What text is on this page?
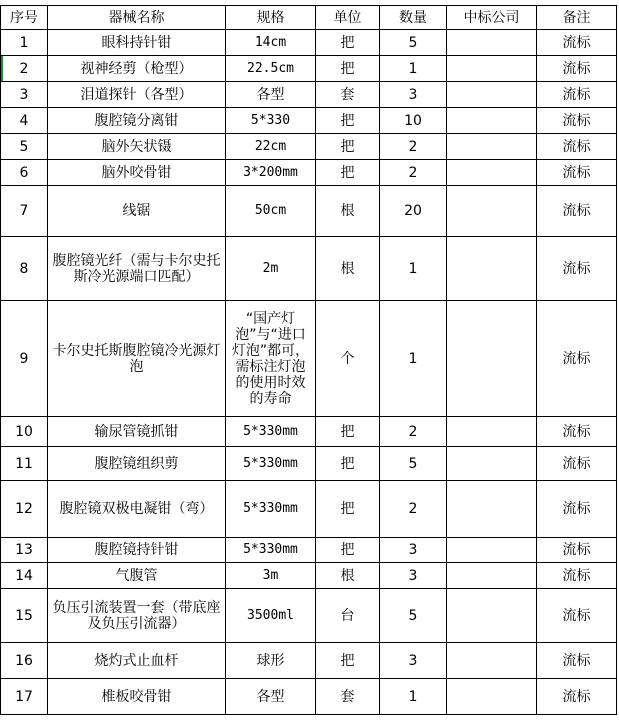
序号	器械名称	规格	单位	数量	中标公司	备注
1	眼科持针钳	14cm	把	5		流标

2	视神经剪（枪型）	22.5cm	把	1		流标
3	泪道探针（各型）	各型	套	3		流标
4	腹腔镜分离钳	5*330	把	10		流标
5	脑外矢状镊	22cm	把	2		流标
6	脑外咬骨钳	3*200mm	把	2		流标
7	线锯	50cm	根	20		流标
8	腹腔镜光纤（需与卡尔史托斯冷光源端口匹配）	2m	根	1		流标
9	卡尔史托斯腹腔镜冷光源灯泡	“国产灯泡”与“进口灯泡”都可，需标注灯泡的使用时效的寿命	个	1		流标
10	输尿管镜抓钳	5*330mm	把	2		流标
11	腹腔镜组织剪	5*330mm	把	5		流标
12	腹腔镜双极电凝钳（弯）	5*330mm	把	2		流标
13	腹腔镜持针钳	5*330mm	把	3		流标
14	气腹管	3m	根	3		流标
15	负压引流装置一套（带底座及负压引流器）	3500ml	台	5		流标
16	烧灼式止血杆	球形	把	3		流标
17	椎板咬骨钳	各型	套	1		流标
